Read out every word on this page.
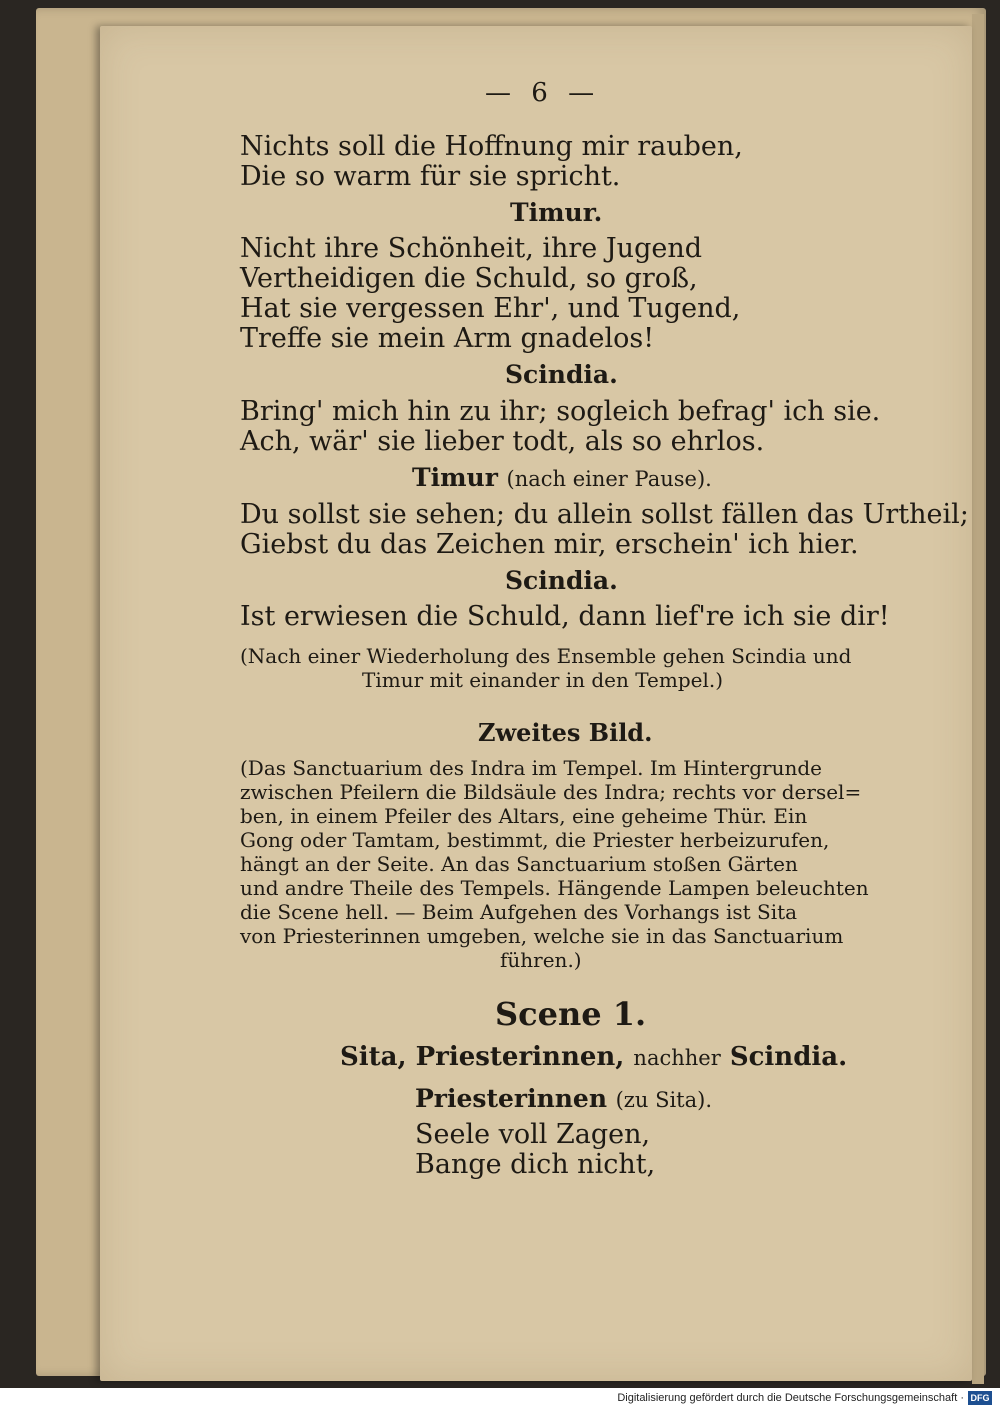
— 6 —
Nichts soll die Hoffnung mir rauben,
Die so warm für sie spricht.
Timur.
Nicht ihre Schönheit, ihre Jugend
Vertheidigen die Schuld, so groß,
Hat sie vergessen Ehr', und Tugend,
Treffe sie mein Arm gnadelos!
Scindia.
Bring' mich hin zu ihr; sogleich befrag' ich sie.
Ach, wär' sie lieber todt, als so ehrlos.
Timur (nach einer Pause).
Du sollst sie sehen; du allein sollst fällen das Urtheil;
Giebst du das Zeichen mir, erschein' ich hier.
Scindia.
Ist erwiesen die Schuld, dann lief're ich sie dir!
(Nach einer Wiederholung des Ensemble gehen Scindia und
Timur mit einander in den Tempel.)
Zweites Bild.
(Das Sanctuarium des Indra im Tempel. Im Hintergrunde
zwischen Pfeilern die Bildsäule des Indra; rechts vor dersel=
ben, in einem Pfeiler des Altars, eine geheime Thür. Ein
Gong oder Tamtam, bestimmt, die Priester herbeizurufen,
hängt an der Seite. An das Sanctuarium stoßen Gärten
und andre Theile des Tempels. Hängende Lampen beleuchten
die Scene hell. — Beim Aufgehen des Vorhangs ist Sita
von Priesterinnen umgeben, welche sie in das Sanctuarium
führen.)
Scene 1.
Sita, Priesterinnen, nachher Scindia.
Priesterinnen (zu Sita).
Seele voll Zagen,
Bange dich nicht,
Digitalisierung gefördert durch die Deutsche Forschungsgemeinschaft · DFG
